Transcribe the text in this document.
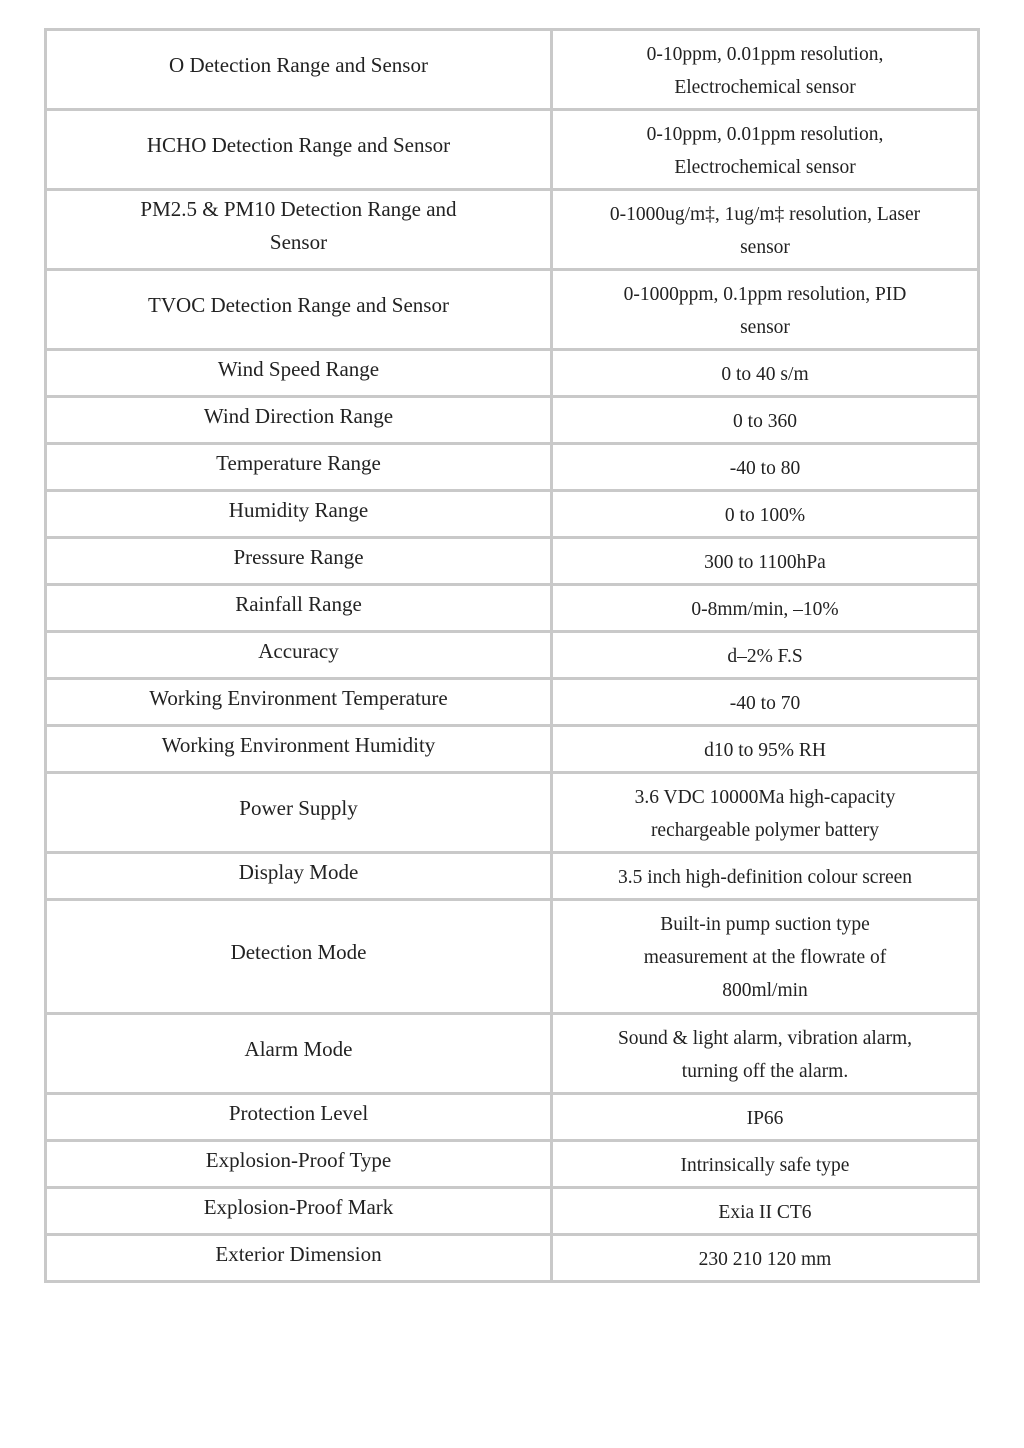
O Detection Range and Sensor	0-10ppm, 0.01ppm resolution,
Electrochemical sensor
HCHO Detection Range and Sensor	0-10ppm, 0.01ppm resolution,
Electrochemical sensor
PM2.5 & PM10 Detection Range and
Sensor	0-1000ug/m‡, 1ug/m‡ resolution, Laser
sensor
TVOC Detection Range and Sensor	0-1000ppm, 0.1ppm resolution, PID
sensor
Wind Speed Range	0 to 40 s/m
Wind Direction Range	0 to 360
Temperature Range	-40 to 80
Humidity Range	0 to 100%
Pressure Range	300 to 1100hPa
Rainfall Range	0-8mm/min, –10%
Accuracy	d–2% F.S
Working Environment Temperature	-40 to 70
Working Environment Humidity	d10 to 95% RH
Power Supply	3.6 VDC 10000Ma high-capacity
rechargeable polymer battery
Display Mode	3.5 inch high-definition colour screen
Detection Mode	Built-in pump suction type
measurement at the flowrate of
800ml/min
Alarm Mode	Sound & light alarm, vibration alarm,
turning off the alarm.
Protection Level	IP66
Explosion-Proof Type	Intrinsically safe type
Explosion-Proof Mark	Exia II CT6
Exterior Dimension	230 210 120 mm
